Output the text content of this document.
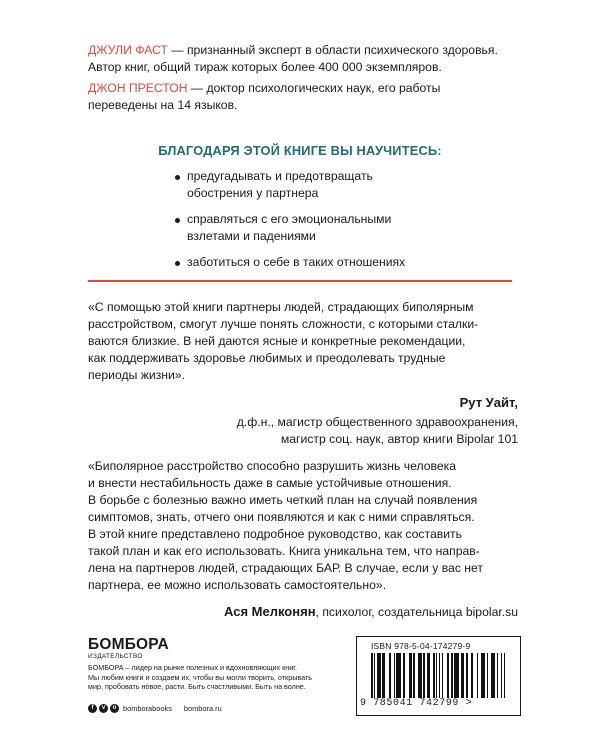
ДЖУЛИ ФАСТ — признанный эксперт в области психического здоровья.
Автор книг, общий тираж которых более 400 000 экземпляров.

ДЖОН ПРЕСТОН — доктор психологических наук, его работы
переведены на 14 языков.

БЛАГОДАРЯ ЭТОЙ КНИГЕ ВЫ НАУЧИТЕСЬ:
предугадывать и предотвращать
обострения у партнера
справляться с его эмоциональными
взлетами и падениями
заботиться о себе в таких отношениях

«С помощью этой книги партнеры людей, страдающих биполярным
расстройством, смогут лучше понять сложности, с которыми сталки-
ваются близкие. В ней даются ясные и конкретные рекомендации,
как поддерживать здоровье любимых и преодолевать трудные
периоды жизни».

Рут Уайт,

д.ф.н., магистр общественного здравоохранения,
магистр соц. наук, автор книги Bipolar 101

«Биполярное расстройство способно разрушить жизнь человека
и внести нестабильность даже в самые устойчивые отношения.
В борьбе с болезнью важно иметь четкий план на случай появления
симптомов, знать, отчего они появляются и как с ними справляться.
В этой книге представлено подробное руководство, как составить
такой план и как его использовать. Книга уникальна тем, что направ-
лена на партнеров людей, страдающих БАР. В случае, если у вас нет
партнера, ее можно использовать самостоятельно».

Ася Мелконян, психолог, создательница bipolar.su

БОМБОРА
ИЗДАТЕЛЬСТВО
БОМБОРА – лидер на рынке полезных и вдохновляющих книг.
Мы любим книги и создаем их, чтобы вы могли творить, открывать
мир, пробовать новое, расти. Быть счастливыми. Быть на волне.
f	v	o bomborabooks bombora.ru
ISBN 978-5-04-174279-9
9 785041 742799 >
